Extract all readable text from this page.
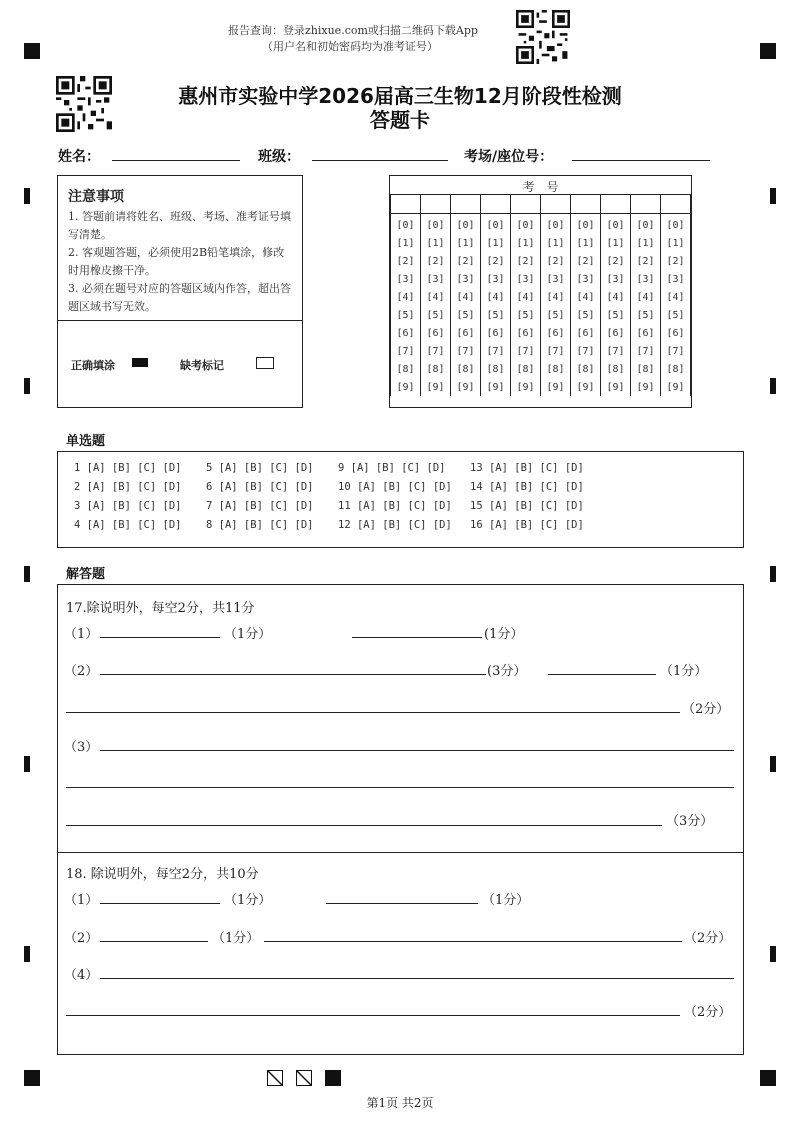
报告查询：登录zhixue.com或扫描二维码下载App
（用户名和初始密码均为准考证号）
惠州市实验中学2026届高三生物12月阶段性检测
答题卡
姓名：	班级：	考场/座位号：
注意事项
1. 答题前请将姓名、班级、考场、准考证号填写清楚。
2. 客观题答题，必须使用2B铅笔填涂，修改时用橡皮擦干净。
3. 必须在题号对应的答题区域内作答，超出答题区域书写无效。
正确填涂	缺考标记
考　号

[0]	[0]	[0]	[0]	[0]	[0]	[0]	[0]	[0]	[0]
[1]	[1]	[1]	[1]	[1]	[1]	[1]	[1]	[1]	[1]
[2]	[2]	[2]	[2]	[2]	[2]	[2]	[2]	[2]	[2]
[3]	[3]	[3]	[3]	[3]	[3]	[3]	[3]	[3]	[3]
[4]	[4]	[4]	[4]	[4]	[4]	[4]	[4]	[4]	[4]
[5]	[5]	[5]	[5]	[5]	[5]	[5]	[5]	[5]	[5]
[6]	[6]	[6]	[6]	[6]	[6]	[6]	[6]	[6]	[6]
[7]	[7]	[7]	[7]	[7]	[7]	[7]	[7]	[7]	[7]
[8]	[8]	[8]	[8]	[8]	[8]	[8]	[8]	[8]	[8]
[9]	[9]	[9]	[9]	[9]	[9]	[9]	[9]	[9]	[9]
单选题
1 [A] [B] [C] [D] 5 [A] [B] [C] [D] 9 [A] [B] [C] [D] 13 [A] [B] [C] [D]
2 [A] [B] [C] [D] 6 [A] [B] [C] [D] 10 [A] [B] [C] [D] 14 [A] [B] [C] [D]
3 [A] [B] [C] [D] 7 [A] [B] [C] [D] 11 [A] [B] [C] [D] 15 [A] [B] [C] [D]
4 [A] [B] [C] [D] 8 [A] [B] [C] [D] 12 [A] [B] [C] [D] 16 [A] [B] [C] [D]
解答题
17.除说明外，每空2分，共11分
（1）	（1分）	(1分）
（2）	(3分）	（1分）
（2分）
（3）
（3分）
18. 除说明外，每空2分，共10分
（1）	（1分）	（1分）
（2）	（1分）	（2分）
（4）
（2分）
第1页 共2页
